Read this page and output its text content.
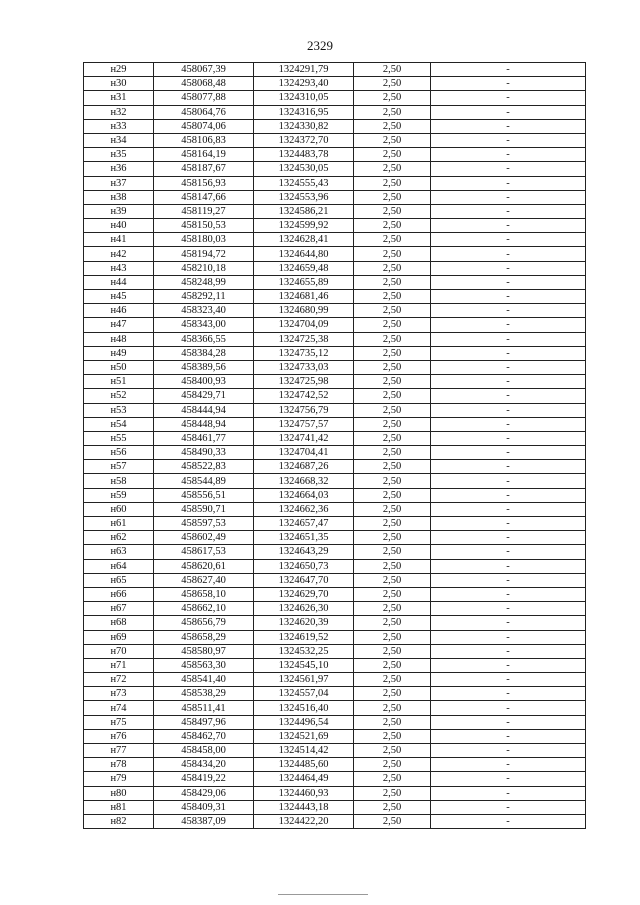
2329
н29	458067,39	1324291,79	2,50	-
н30	458068,48	1324293,40	2,50	-
н31	458077,88	1324310,05	2,50	-
н32	458064,76	1324316,95	2,50	-
н33	458074,06	1324330,82	2,50	-
н34	458106,83	1324372,70	2,50	-
н35	458164,19	1324483,78	2,50	-
н36	458187,67	1324530,05	2,50	-
н37	458156,93	1324555,43	2,50	-
н38	458147,66	1324553,96	2,50	-
н39	458119,27	1324586,21	2,50	-
н40	458150,53	1324599,92	2,50	-
н41	458180,03	1324628,41	2,50	-
н42	458194,72	1324644,80	2,50	-
н43	458210,18	1324659,48	2,50	-
н44	458248,99	1324655,89	2,50	-
н45	458292,11	1324681,46	2,50	-
н46	458323,40	1324680,99	2,50	-
н47	458343,00	1324704,09	2,50	-
н48	458366,55	1324725,38	2,50	-
н49	458384,28	1324735,12	2,50	-
н50	458389,56	1324733,03	2,50	-
н51	458400,93	1324725,98	2,50	-
н52	458429,71	1324742,52	2,50	-
н53	458444,94	1324756,79	2,50	-
н54	458448,94	1324757,57	2,50	-
н55	458461,77	1324741,42	2,50	-
н56	458490,33	1324704,41	2,50	-
н57	458522,83	1324687,26	2,50	-
н58	458544,89	1324668,32	2,50	-
н59	458556,51	1324664,03	2,50	-
н60	458590,71	1324662,36	2,50	-
н61	458597,53	1324657,47	2,50	-
н62	458602,49	1324651,35	2,50	-
н63	458617,53	1324643,29	2,50	-
н64	458620,61	1324650,73	2,50	-
н65	458627,40	1324647,70	2,50	-
н66	458658,10	1324629,70	2,50	-
н67	458662,10	1324626,30	2,50	-
н68	458656,79	1324620,39	2,50	-
н69	458658,29	1324619,52	2,50	-
н70	458580,97	1324532,25	2,50	-
н71	458563,30	1324545,10	2,50	-
н72	458541,40	1324561,97	2,50	-
н73	458538,29	1324557,04	2,50	-
н74	458511,41	1324516,40	2,50	-
н75	458497,96	1324496,54	2,50	-
н76	458462,70	1324521,69	2,50	-
н77	458458,00	1324514,42	2,50	-
н78	458434,20	1324485,60	2,50	-
н79	458419,22	1324464,49	2,50	-
н80	458429,06	1324460,93	2,50	-
н81	458409,31	1324443,18	2,50	-
н82	458387,09	1324422,20	2,50	-
